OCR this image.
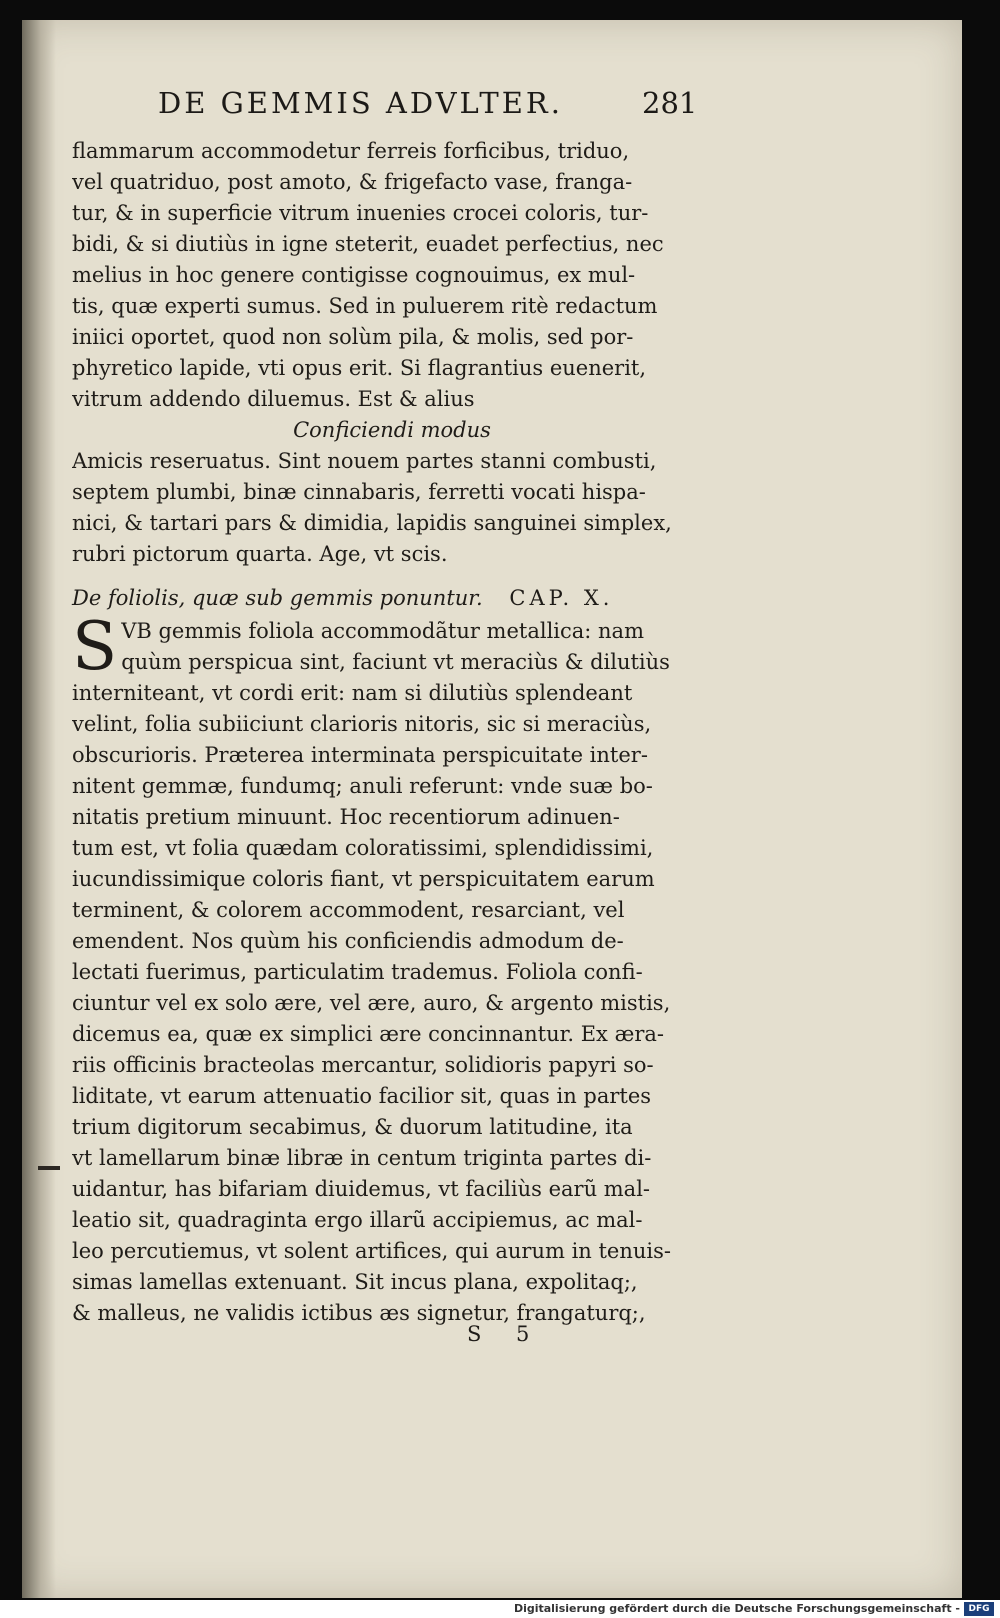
DE GEMMIS ADVLTER.	281
flammarum accommodetur ferreis forficibus, triduo,
vel quatriduo, post amoto, & frigefacto vase, franga-
tur, & in superficie vitrum inuenies crocei coloris, tur-
bidi, & si diutiùs in igne steterit, euadet perfectius, nec
melius in hoc genere contigisse cognouimus, ex mul-
tis, quæ experti sumus. Sed in puluerem ritè redactum
iniici oportet, quod non solùm pila, & molis, sed por-
phyretico lapide, vti opus erit. Si flagrantius euenerit,
vitrum addendo diluemus. Est & alius
Conficiendi modus
Amicis reseruatus. Sint nouem partes stanni combusti,
septem plumbi, binæ cinnabaris, ferretti vocati hispa-
nici, & tartari pars & dimidia, lapidis sanguinei simplex,
rubri pictorum quarta. Age, vt scis.
De foliolis, quæ sub gemmis ponuntur. CAP. X.
S VB gemmis foliola accommodãtur metallica: nam
quùm perspicua sint, faciunt vt meraciùs & dilutiùs
interniteant, vt cordi erit: nam si dilutiùs splendeant
velint, folia subiiciunt clarioris nitoris, sic si meraciùs,
obscurioris. Prætereа interminata perspicuitate inter-
nitent gemmæ, fundumq; anuli referunt: vnde suæ bo-
nitatis pretium minuunt. Hoc recentiorum adinuen-
tum est, vt folia quædam coloratissimi, splendidissimi,
iucundissimique coloris fiant, vt perspicuitatem earum
terminent, & colorem accommodent, resarciant, vel
emendent. Nos quùm his conficiendis admodum de-
lectati fuerimus, particulatim trademus. Foliola confi-
ciuntur vel ex solo ære, vel ære, auro, & argento mistis,
dicemus ea, quæ ex simplici ære concinnantur. Ex æra-
riis officinis bracteolas mercantur, solidioris papyri so-
liditate, vt earum attenuatio facilior sit, quas in partes
trium digitorum secabimus, & duorum latitudine, ita
vt lamellarum binæ libræ in centum triginta partes di-
uidantur, has bifariam diuidemus, vt faciliùs earũ mal-
leatio sit, quadraginta ergo illarũ accipiemus, ac mal-
leo percutiemus, vt solent artifices, qui aurum in tenuis-
simas lamellas extenuant. Sit incus plana, expolitaq;,
& malleus, ne validis ictibus æs signetur, frangaturq;,
S 5
Digitalisierung gefördert durch die Deutsche Forschungsgemeinschaft - DFG
